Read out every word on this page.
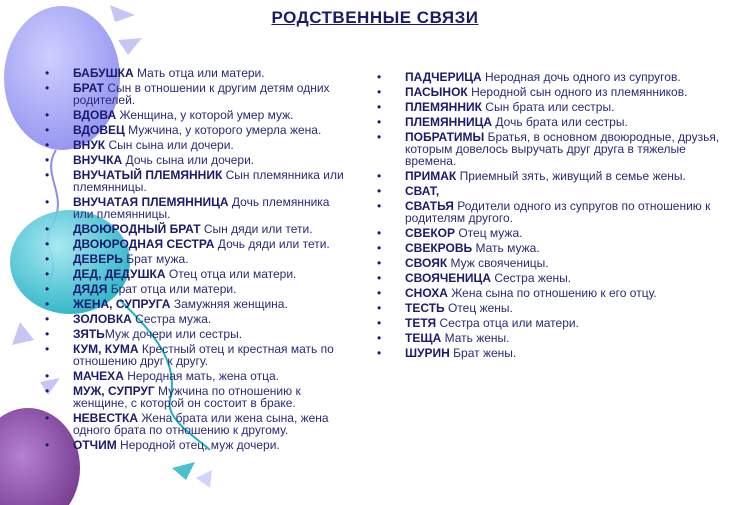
РОДСТВЕННЫЕ СВЯЗИ
• БАБУШКА Мать отца или матери.
• БРАТ Сын в отношении к другим детям одних родителей.
• ВДОВА Женщина, у которой умер муж.
• ВДОВЕЦ Мужчина, у которого умерла жена.
• ВНУК Сын сына или дочери.
• ВНУЧКА Дочь сына или дочери.
• ВНУЧАТЫЙ ПЛЕМЯННИК Сын племянника или племянницы.
• ВНУЧАТАЯ ПЛЕМЯННИЦА Дочь племянника или племянницы.
• ДВОЮРОДНЫЙ БРАТ Сын дяди или тети.
• ДВОЮРОДНАЯ СЕСТРА Дочь дяди или тети.
• ДЕВЕРЬ Брат мужа.
• ДЕД, ДЕДУШКА Отец отца или матери.
• ДЯДЯ Брат отца или матери.
• ЖЕНА, СУПРУГА Замужняя женщина.
• ЗОЛОВКА Сестра мужа.
• ЗЯТЬМуж дочери или сестры.
• КУМ, КУМА Крестный отец и крестная мать по отношению друг к другу.
• МАЧЕХА Неродная мать, жена отца.
• МУЖ, СУПРУГ Мужчина по отношению к женщине, с которой он состоит в браке.
• НЕВЕСТКА Жена брата или жена сына, жена одного брата по отношению к другому.
• ОТЧИМ Неродной отец, муж дочери.
• ПАДЧЕРИЦА Неродная дочь одного из супругов.
• ПАСЫНОК Неродной сын одного из племянников.
• ПЛЕМЯННИК Сын брата или сестры.
• ПЛЕМЯННИЦА Дочь брата или сестры.
• ПОБРАТИМЫ Братья, в основном двоюродные, друзья, которым довелось выручать друг друга в тяжелые времена.
• ПРИМАК Приемный зять, живущий в семье жены.
• СВАТ,
• СВАТЬЯ Родители одного из супругов по отношению к родителям другого.
• СВЕКОР Отец мужа.
• СВЕКРОВЬ Мать мужа.
• СВОЯК Муж свояченицы.
• СВОЯЧЕНИЦА Сестра жены.
• СНОХА Жена сына по отношению к его отцу.
• ТЕСТЬ Отец жены.
• ТЕТЯ Сестра отца или матери.
• ТЕЩА Мать жены.
• ШУРИН Брат жены.
